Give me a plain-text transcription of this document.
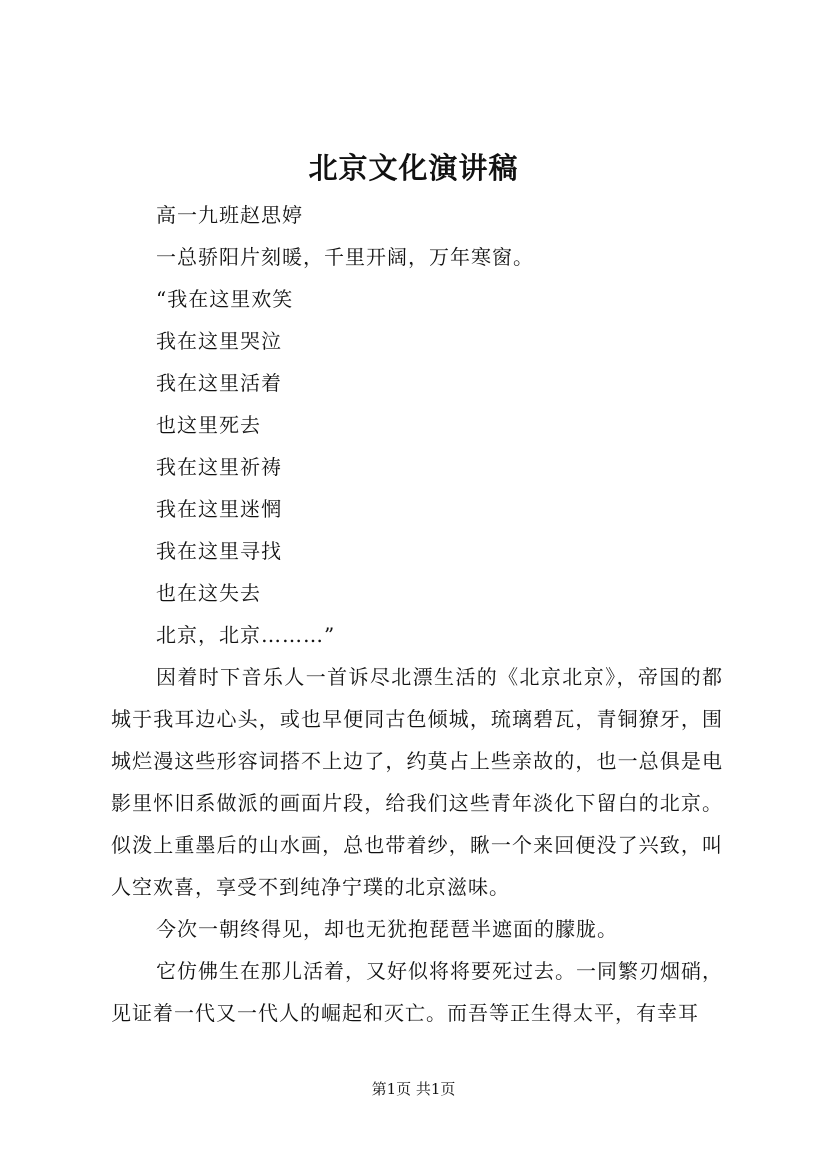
北京文化演讲稿
高一九班赵思婷
一总骄阳片刻暖，千里开阔，万年寒窗。
“我在这里欢笑
我在这里哭泣
我在这里活着
也这里死去
我在这里祈祷
我在这里迷惘
我在这里寻找
也在这失去
北京，北京………”
因着时下音乐人一首诉尽北漂生活的《北京北京》，帝国的都城于我耳边心头，或也早便同古色倾城，琉璃碧瓦，青铜獠牙，围城烂漫这些形容词搭不上边了，约莫占上些亲故的，也一总俱是电影里怀旧系做派的画面片段，给我们这些青年淡化下留白的北京。似泼上重墨后的山水画，总也带着纱，瞅一个来回便没了兴致，叫人空欢喜，享受不到纯净宁璞的北京滋味。
今次一朝终得见，却也无犹抱琵琶半遮面的朦胧。
它仿佛生在那儿活着，又好似将将要死过去。一同繁刃烟硝，见证着一代又一代人的崛起和灭亡。而吾等正生得太平，有幸耳
第1页 共1页
